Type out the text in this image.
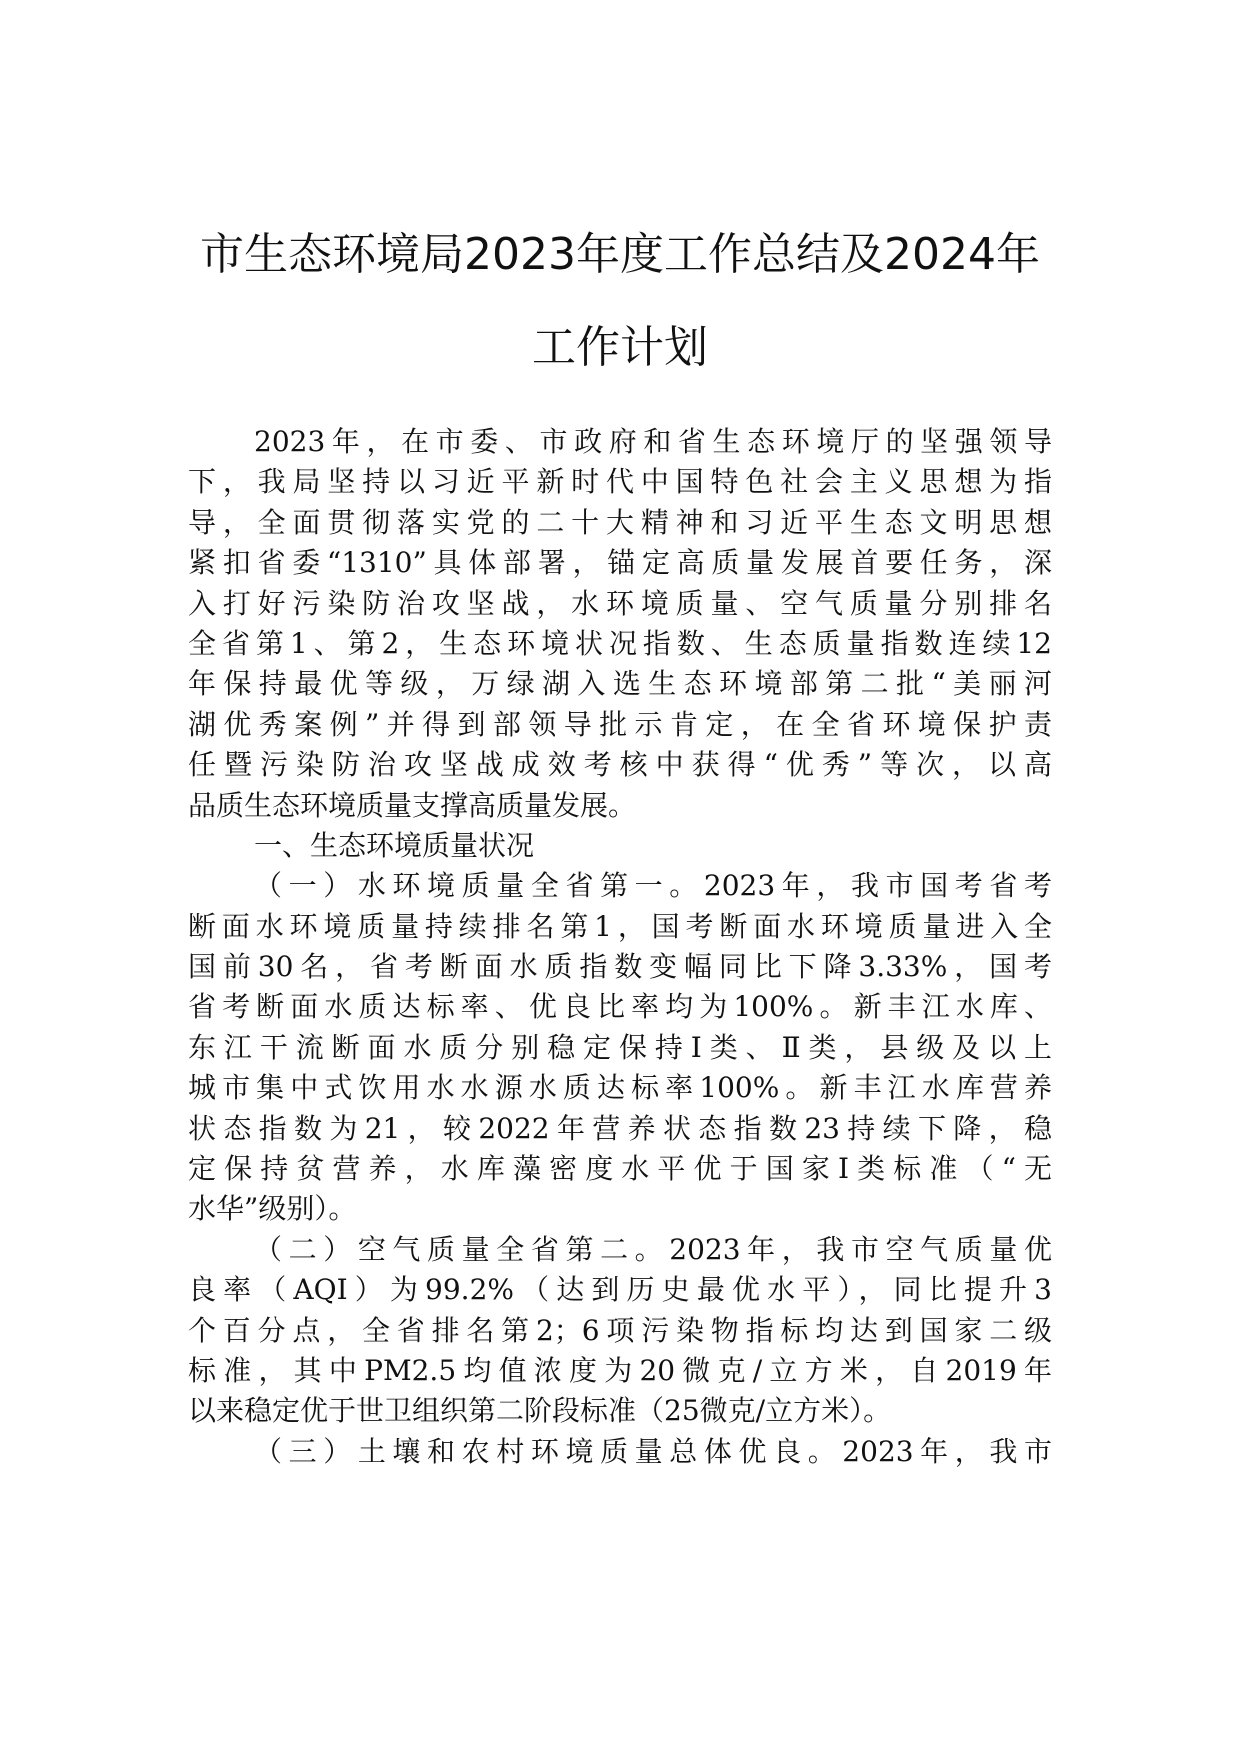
市生态环境局2023年度工作总结及2024年
工作计划
2023年，在市委、市政府和省生态环境厅的坚强领导
下，我局坚持以习近平新时代中国特色社会主义思想为指
导，全面贯彻落实党的二十大精神和习近平生态文明思想
紧扣省委“1310”具体部署，锚定高质量发展首要任务，深
入打好污染防治攻坚战，水环境质量、空气质量分别排名
全省第1、第2，生态环境状况指数、生态质量指数连续12
年保持最优等级，万绿湖入选生态环境部第二批“美丽河
湖优秀案例”并得到部领导批示肯定，在全省环境保护责
任暨污染防治攻坚战成效考核中获得“优秀”等次，以高
品质生态环境质量支撑高质量发展。
一、生态环境质量状况
（一）水环境质量全省第一。2023年，我市国考省考
断面水环境质量持续排名第1，国考断面水环境质量进入全
国前30名，省考断面水质指数变幅同比下降3.33%，国考
省考断面水质达标率、优良比率均为100%。新丰江水库、
东江干流断面水质分别稳定保持Ⅰ类、Ⅱ类，县级及以上
城市集中式饮用水水源水质达标率100%。新丰江水库营养
状态指数为21，较2022年营养状态指数23持续下降，稳
定保持贫营养，水库藻密度水平优于国家Ⅰ类标准（“无
水华”级别）。
（二）空气质量全省第二。2023年，我市空气质量优
良率（AQI）为99.2%（达到历史最优水平），同比提升3
个百分点，全省排名第2；6项污染物指标均达到国家二级
标准，其中PM2.5均值浓度为20微克/立方米，自2019年
以来稳定优于世卫组织第二阶段标准（25微克/立方米）。
（三）土壤和农村环境质量总体优良。2023年，我市
